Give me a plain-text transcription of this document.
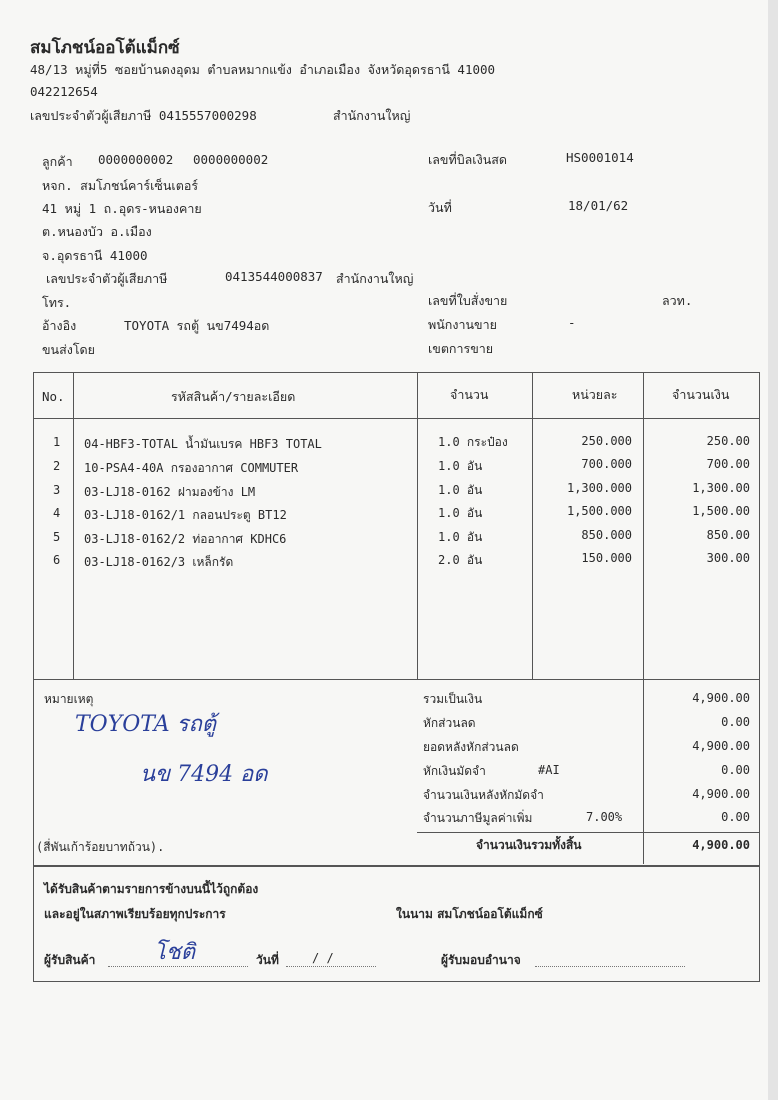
สมโภชน์ออโต้แม็กซ์
48/13 หมู่ที่5 ซอยบ้านดงอุดม ตำบลหมากแข้ง อำเภอเมือง จังหวัดอุดรธานี 41000
042212654
เลขประจำตัวผู้เสียภาษี 0415557000298	สำนักงานใหญ่
ลูกค้า 0000000002 0000000002
หจก. สมโภชน์คาร์เซ็นเตอร์
41 หมู่ 1 ถ.อุดร-หนองคาย
ต.หนองบัว อ.เมือง
จ.อุดรธานี 41000
เลขประจำตัวผู้เสียภาษี	0413544000837 สำนักงานใหญ่
โทร.
อ้างอิง	TOYOTA รถตู้ นข7494อด
ขนส่งโดย
เลขที่บิลเงินสด	HS0001014
วันที่	18/01/62
เลขที่ใบสั่งขาย	ลวท.
พนักงานขาย	-
เขตการขาย
No.	รหัสสินค้า/รายละเอียด	จำนวน	หน่วยละ	จำนวนเงิน
1 04-HBF3-TOTAL น้ำมันเบรค HBF3 TOTAL	1.0 กระป๋อง	250.000	250.00
2 10-PSA4-40A กรองอากาศ COMMUTER	1.0 อัน	700.000	700.00
3 03-LJ18-0162 ฝามองข้าง LM	1.0 อัน	1,300.000	1,300.00
4 03-LJ18-0162/1 กลอนประตู BT12	1.0 อัน	1,500.000	1,500.00
5 03-LJ18-0162/2 ท่ออากาศ KDHC6	1.0 อัน	850.000	850.00
6 03-LJ18-0162/3 เหล็กรัด	2.0 อัน	150.000	300.00
หมายเหตุ
TOYOTA รถตู้
นข 7494 อด
รวมเป็นเงิน	4,900.00
หักส่วนลด	0.00
ยอดหลังหักส่วนลด	4,900.00
หักเงินมัดจำ	#AI	0.00
จำนวนเงินหลังหักมัดจำ	4,900.00
จำนวนภาษีมูลค่าเพิ่ม	7.00%	0.00
(สี่พันเก้าร้อยบาทถ้วน).	จำนวนเงินรวมทั้งสิ้น	4,900.00
ได้รับสินค้าตามรายการข้างบนนี้ไว้ถูกต้อง
และอยู่ในสภาพเรียบร้อยทุกประการ	ในนาม สมโภชน์ออโต้แม็กซ์
ผู้รับสินค้า	โชติ	วันที่	/ /	ผู้รับมอบอำนาจ
